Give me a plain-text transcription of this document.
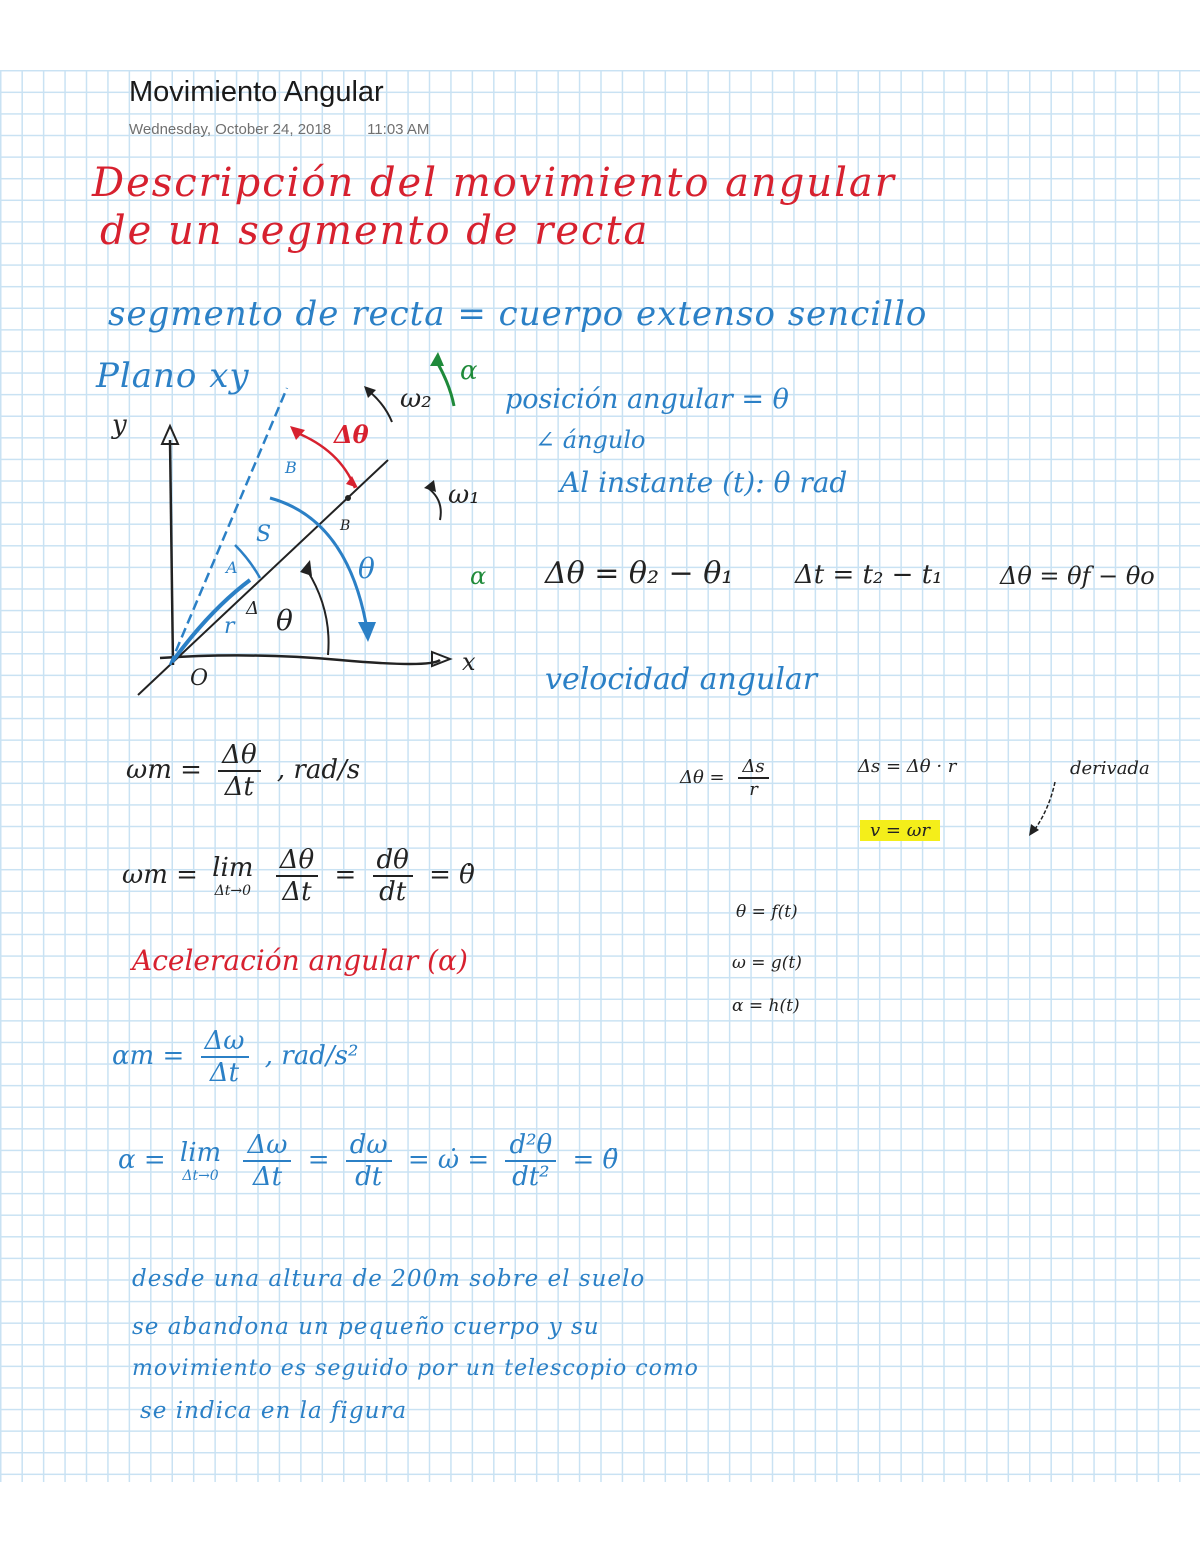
Movimiento Angular
Wednesday, October 24, 2018 11:03 AM
Descripción del movimiento angular
de un segmento de recta
segmento de recta = cuerpo extenso sencillo
Plano xy
y
x
O
ω₂
ω₁
α
α
Δθ
θ
θ
Δ
S
A
B
B
r
posición angular = θ
∠ ángulo
Al instante (t): θ rad
Δθ = θ₂ − θ₁ Δt = t₂ − t₁ Δθ = θf − θo
velocidad angular
$\omega m = \frac{\Delta\theta}{\Delta t}$ , rad/s
ωm = lim
Δt→0
$\frac{\Delta\theta}{\Delta t} = \frac{d\theta}{dt}$ = θ̇
$\Delta\theta = \frac{\Delta s}{r}$	Δs = Δθ · r	derivada
v = ωr
θ = f(t)
ω = g(t)
α = h(t)
Aceleración angular (α)
$\alpha m = \frac{\Delta\omega}{\Delta t}$ , rad/s²
α = lim
Δt→0
$\frac{\Delta\omega}{\Delta t} = \frac{d\omega}{dt}$ = ω̇ = $\frac{\text{d²θ}}{\text{dt²}}$ = θ̈
desde una altura de 200m sobre el suelo
se abandona un pequeño cuerpo y su
movimiento es seguido por un telescopio como
se indica en la figura
